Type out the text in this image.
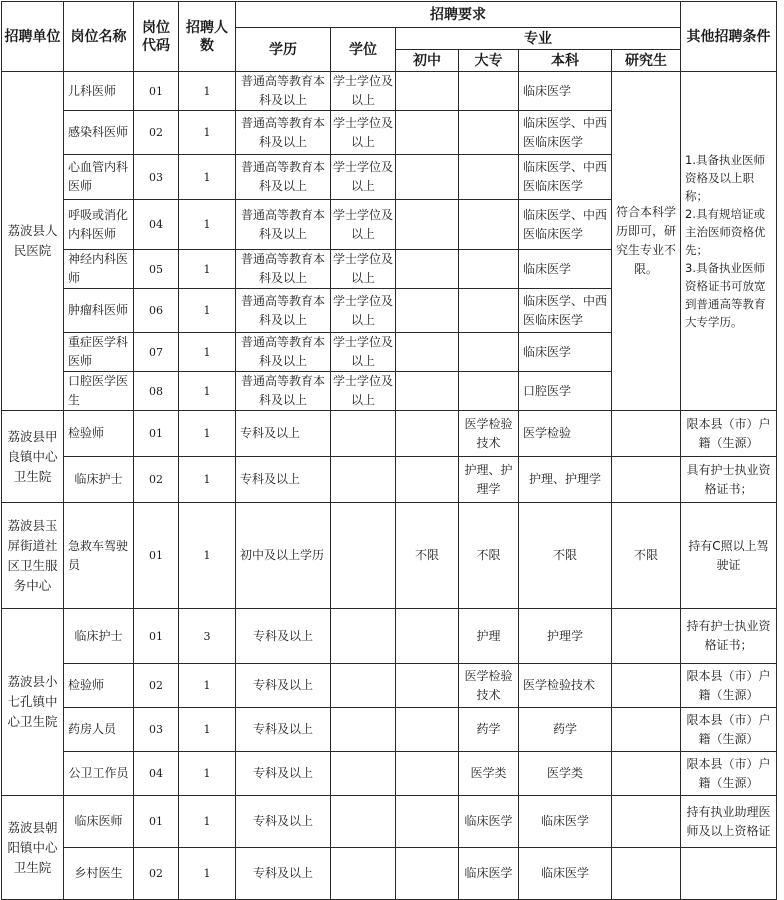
招聘单位	岗位名称	岗位代码	招聘人数	招聘要求						其他招聘条件
				学历	学位	专业				
						初中	大专	本科	研究生	
荔波县人民医院	儿科医师	01	1	普通高等教育本科及以上	学士学位及以上			临床医学	符合本科学历即可，研究生专业不限。	1.具备执业医师资格及以上职称；
2.具有规培证或主治医师资格优先；
3.具备执业医师资格证书可放宽到普通高等教育大专学历。

	感染科医师	02	1	普通高等教育本科及以上	学士学位及以上			临床医学、中西医临床医学		
	心血管内科医师	03	1	普通高等教育本科及以上	学士学位及以上			临床医学、中西医临床医学		
	呼吸或消化内科医师	04	1	普通高等教育本科及以上	学士学位及以上			临床医学、中西医临床医学		
	神经内科医师	05	1	普通高等教育本科及以上	学士学位及以上			临床医学		
	肿瘤科医师	06	1	普通高等教育本科及以上	学士学位及以上			临床医学、中西医临床医学		
	重症医学科医师	07	1	普通高等教育本科及以上	学士学位及以上			临床医学		
	口腔医学医生	08	1	普通高等教育本科及以上	学士学位及以上			口腔医学		
荔波县甲良镇中心卫生院	检验师	01	1	专科及以上			医学检验技术	医学检验		限本县（市）户籍（生源）
	临床护士	02	1	专科及以上			护理、护理学	护理、护理学		具有护士执业资格证书；
荔波县玉屏街道社区卫生服务中心	急救车驾驶员	01	1	初中及以上学历		不限	不限	不限	不限	持有C照以上驾驶证
荔波县小七孔镇中心卫生院	临床护士	01	3	专科及以上			护理	护理学		持有护士执业资格证书；
	检验师	02	1	专科及以上			医学检验技术	医学检验技术		限本县（市）户籍（生源）
	药房人员	03	1	专科及以上			药学	药学		限本县（市）户籍（生源）
	公卫工作员	04	1	专科及以上			医学类	医学类		限本县（市）户籍（生源）
荔波县朝阳镇中心卫生院	临床医师	01	1	专科及以上			临床医学	临床医学		持有执业助理医师及以上资格证
	乡村医生	02	1	专科及以上			临床医学	临床医学		
